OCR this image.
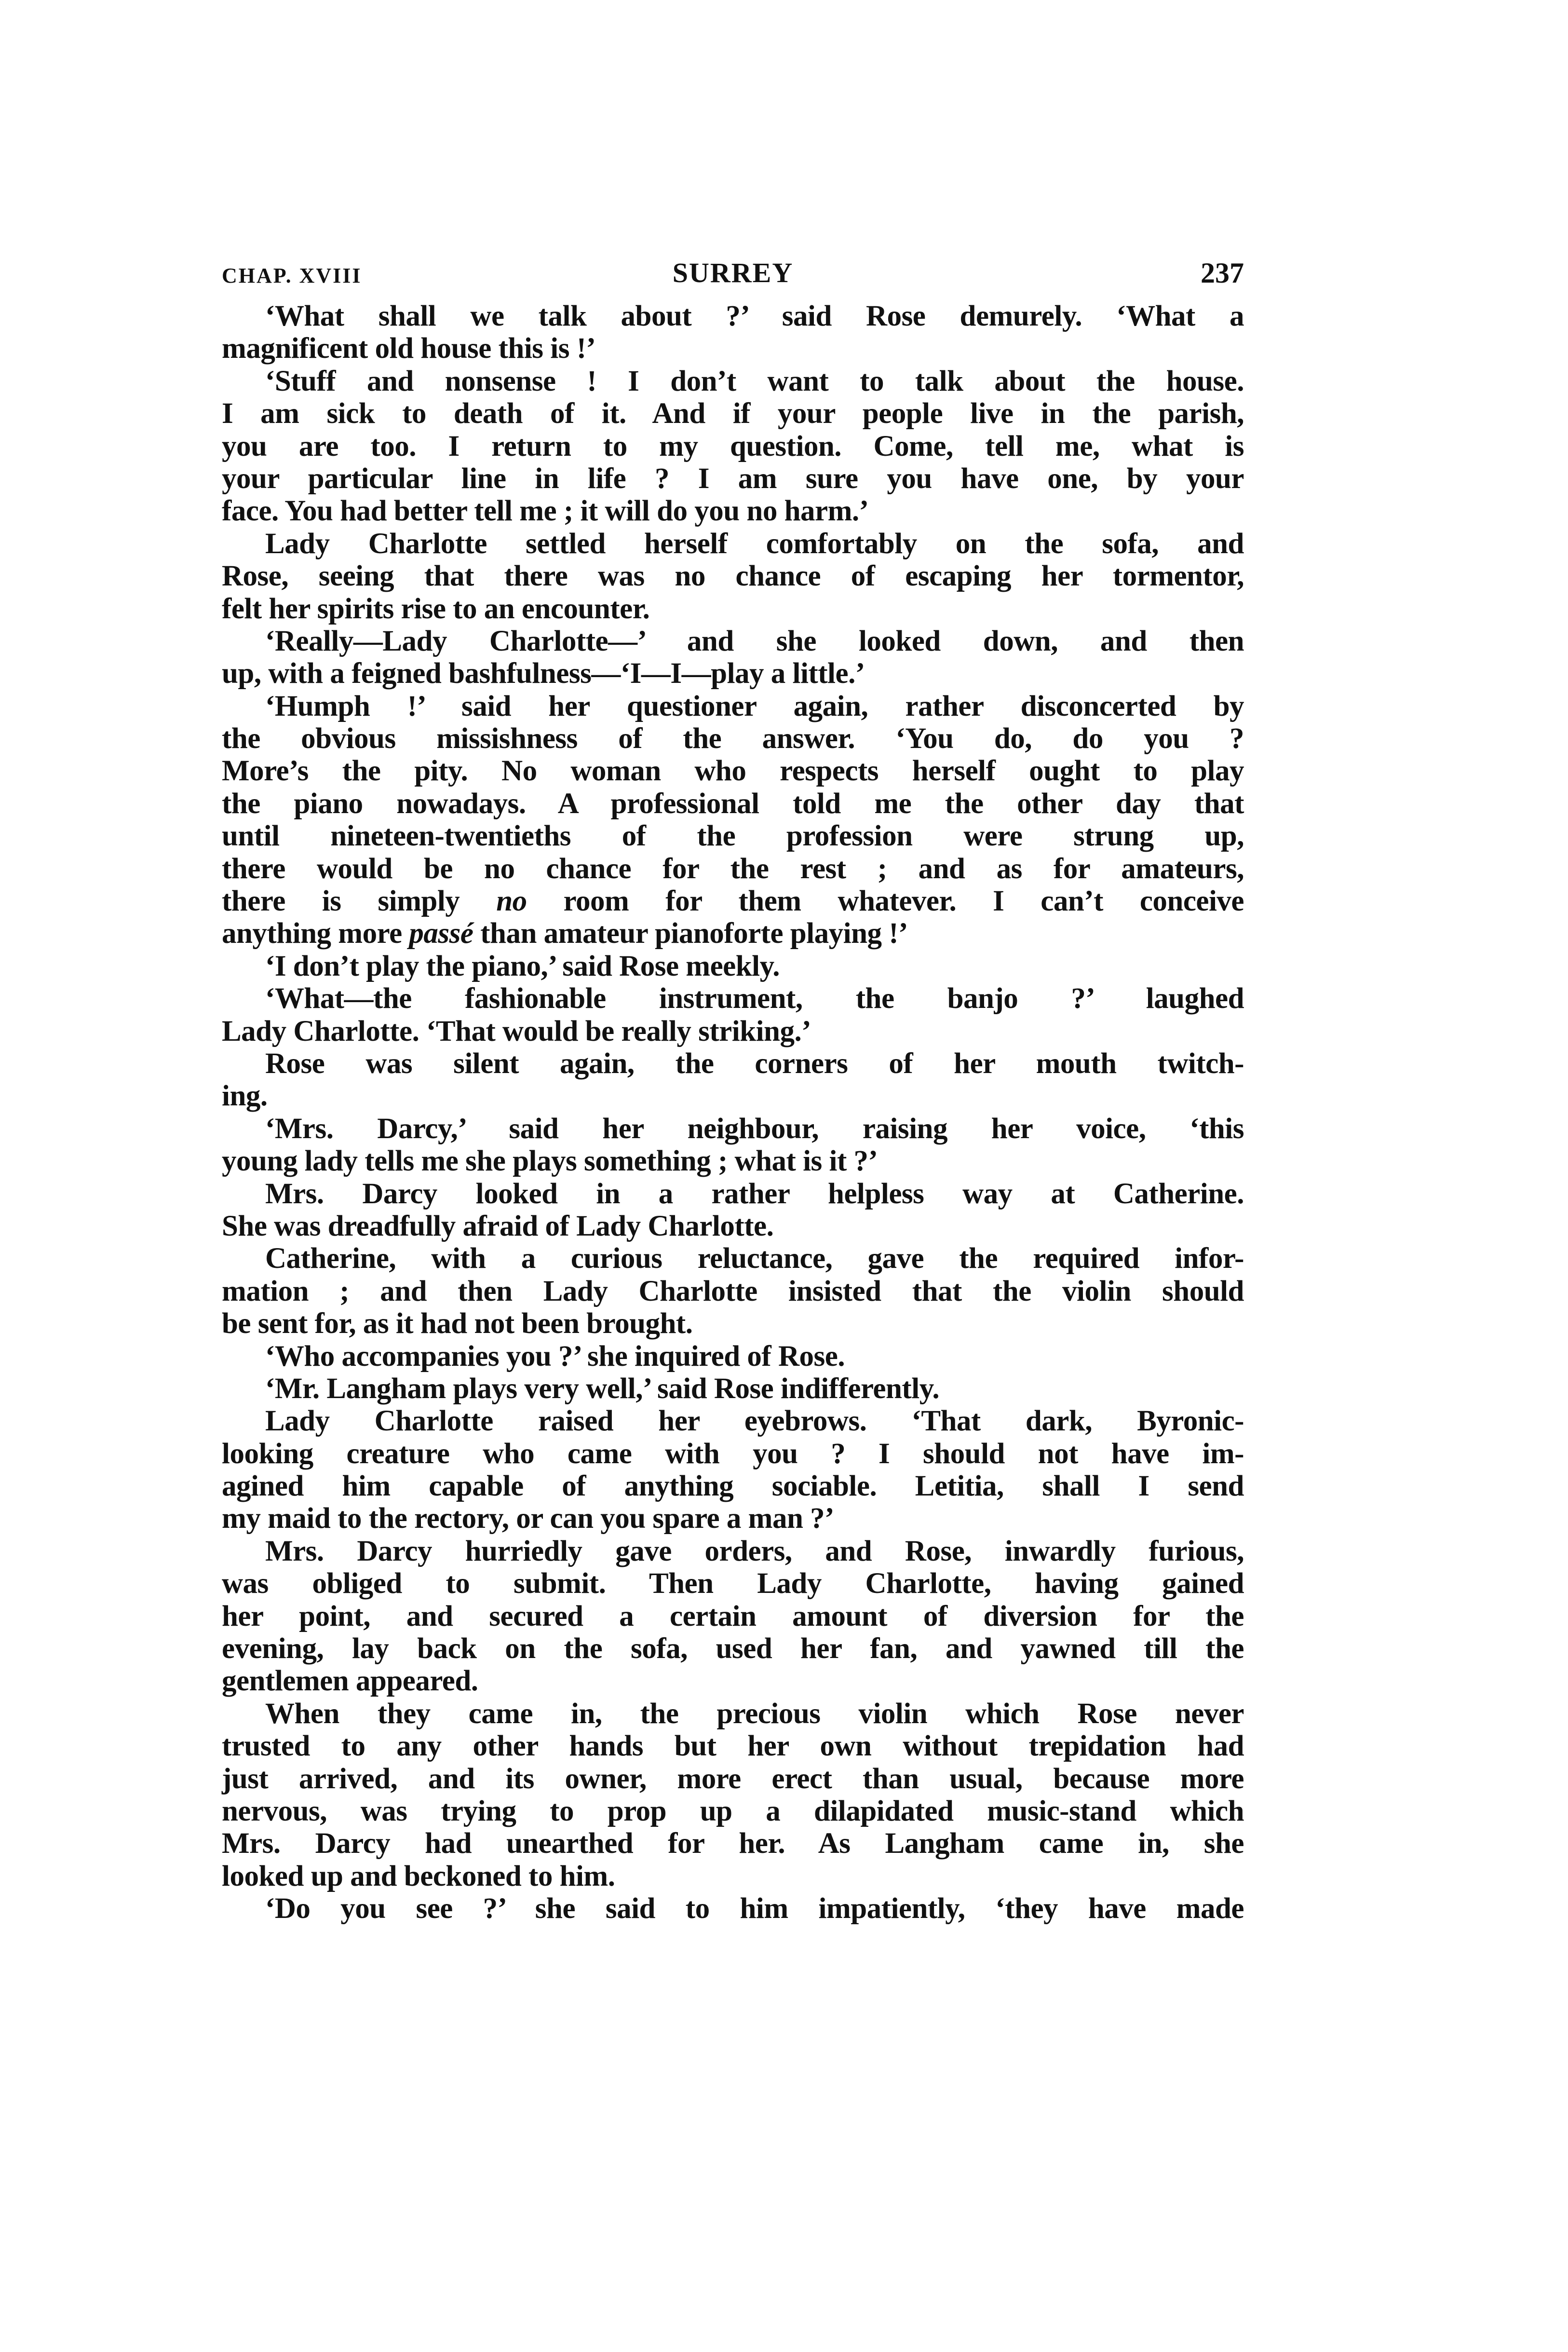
CHAP. XVIII	SURREY	237
‘What shall we talk about ?’ said Rose demurely. ‘What a
magnificent old house this is !’
‘Stuff and nonsense ! I don’t want to talk about the house.
I am sick to death of it. And if your people live in the parish,
you are too. I return to my question. Come, tell me, what is
your particular line in life ? I am sure you have one, by your
face. You had better tell me ; it will do you no harm.’
Lady Charlotte settled herself comfortably on the sofa, and
Rose, seeing that there was no chance of escaping her tormentor,
felt her spirits rise to an encounter.
‘Really—Lady Charlotte—’ and she looked down, and then
up, with a feigned bashfulness—‘I—I—play a little.’
‘Humph !’ said her questioner again, rather disconcerted by
the obvious missishness of the answer. ‘You do, do you ?
More’s the pity. No woman who respects herself ought to play
the piano nowadays. A professional told me the other day that
until nineteen-twentieths of the profession were strung up,
there would be no chance for the rest ; and as for amateurs,
there is simply no room for them whatever. I can’t conceive
anything more passé than amateur pianoforte playing !’
‘I don’t play the piano,’ said Rose meekly.
‘What—the fashionable instrument, the banjo ?’ laughed
Lady Charlotte. ‘That would be really striking.’
Rose was silent again, the corners of her mouth twitch-
ing.
‘Mrs. Darcy,’ said her neighbour, raising her voice, ‘this
young lady tells me she plays something ; what is it ?’
Mrs. Darcy looked in a rather helpless way at Catherine.
She was dreadfully afraid of Lady Charlotte.
Catherine, with a curious reluctance, gave the required infor-
mation ; and then Lady Charlotte insisted that the violin should
be sent for, as it had not been brought.
‘Who accompanies you ?’ she inquired of Rose.
‘Mr. Langham plays very well,’ said Rose indifferently.
Lady Charlotte raised her eyebrows. ‘That dark, Byronic-
looking creature who came with you ? I should not have im-
agined him capable of anything sociable. Letitia, shall I send
my maid to the rectory, or can you spare a man ?’
Mrs. Darcy hurriedly gave orders, and Rose, inwardly furious,
was obliged to submit. Then Lady Charlotte, having gained
her point, and secured a certain amount of diversion for the
evening, lay back on the sofa, used her fan, and yawned till the
gentlemen appeared.
When they came in, the precious violin which Rose never
trusted to any other hands but her own without trepidation had
just arrived, and its owner, more erect than usual, because more
nervous, was trying to prop up a dilapidated music-stand which
Mrs. Darcy had unearthed for her. As Langham came in, she
looked up and beckoned to him.
‘Do you see ?’ she said to him impatiently, ‘they have made
